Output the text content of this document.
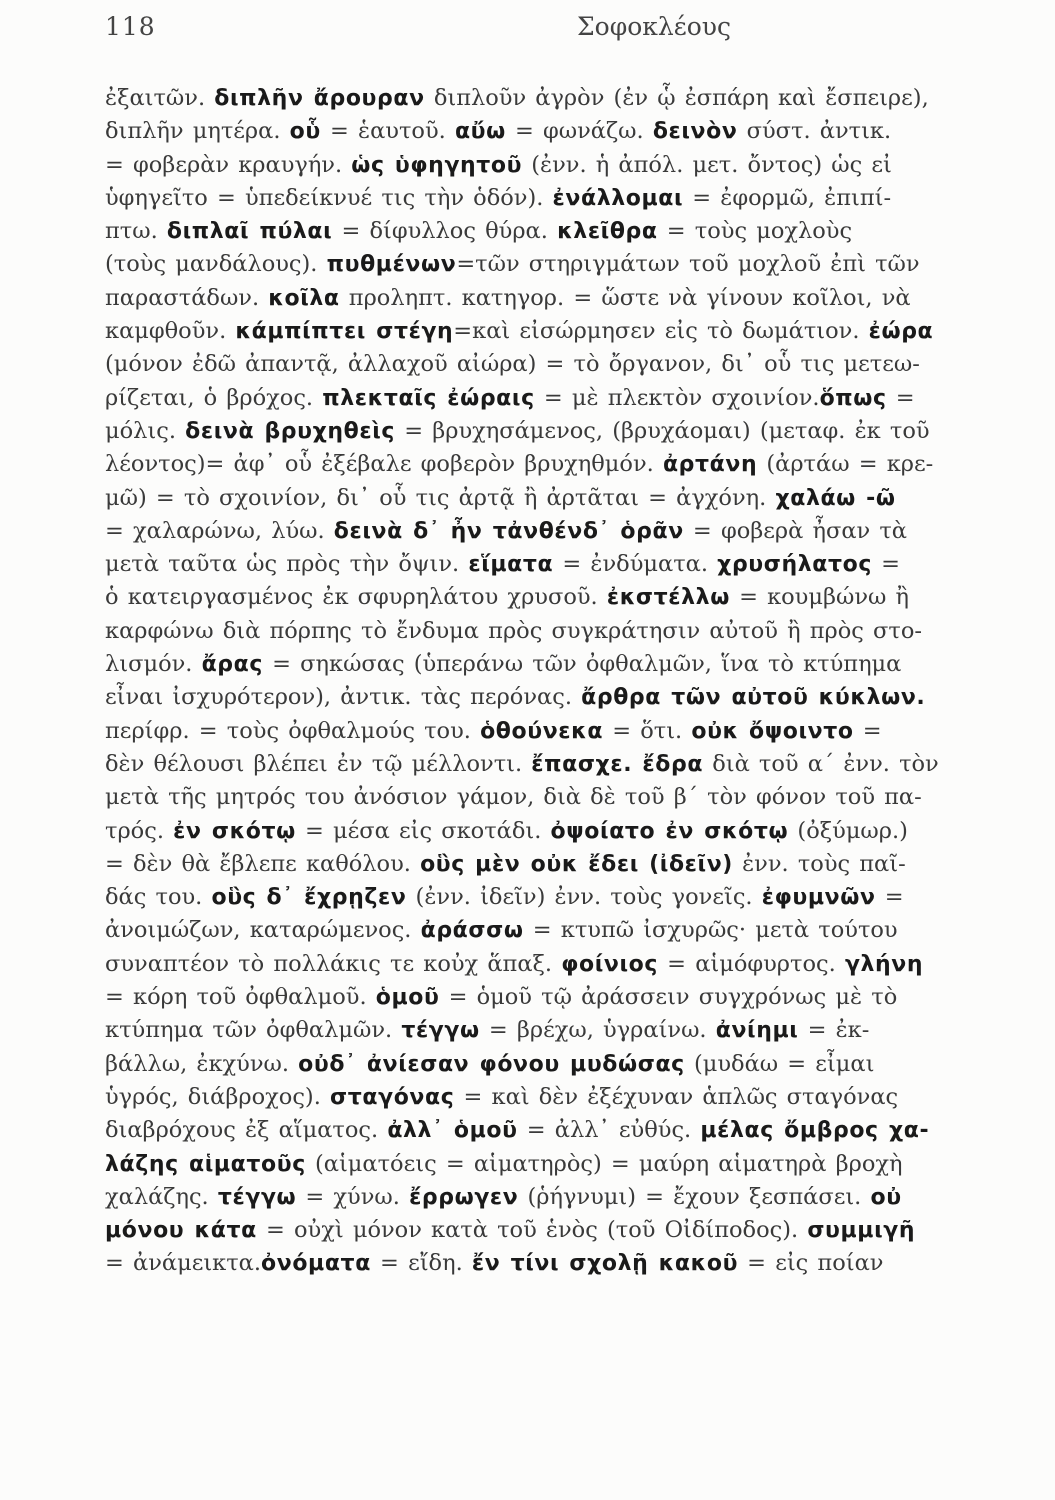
118	Σοφοκλέους
ἐξαιτῶν. διπλῆν ἄρουραν διπλοῦν ἀγρὸν (ἐν ᾧ ἐσπάρη καὶ ἔσπειρε),
διπλῆν μητέρα. οὗ = ἑαυτοῦ. αὔω = φωνάζω. δεινὸν σύστ. ἀντικ.
= φοβερὰν κραυγήν. ὡς ὑφηγητοῦ (ἐνν. ἡ ἀπόλ. μετ. ὄντος) ὡς εἰ
ὑφηγεῖτο = ὑπεδείκνυέ τις τὴν ὁδόν). ἐνάλλομαι = ἐφορμῶ, ἐπιπί-
πτω. διπλαῖ πύλαι = δίφυλλος θύρα. κλεῖθρα = τοὺς μοχλοὺς
(τοὺς μανδάλους). πυθμένων=τῶν στηριγμάτων τοῦ μοχλοῦ ἐπὶ τῶν
παραστάδων. κοῖλα προληπτ. κατηγορ. = ὥστε νὰ γίνουν κοῖλοι, νὰ
καμφθοῦν. κάμπίπτει στέγη=καὶ εἰσώρμησεν εἰς τὸ δωμάτιον. ἐώρα
(μόνον ἐδῶ ἀπαντᾷ, ἀλλαχοῦ αἰώρα) = τὸ ὄργανον, δι᾽ οὗ τις μετεω-
ρίζεται, ὁ βρόχος. πλεκταῖς ἐώραις = μὲ πλεκτὸν σχοινίον.ὅπως =
μόλις. δεινὰ βρυχηθεὶς = βρυχησάμενος, (βρυχάομαι) (μεταφ. ἐκ τοῦ
λέοντος)= ἀφ᾽ οὗ ἐξέβαλε φοβερὸν βρυχηθμόν. ἀρτάνη (ἀρτάω = κρε-
μῶ) = τὸ σχοινίον, δι᾽ οὗ τις ἀρτᾷ ἢ ἀρτᾶται = ἀγχόνη. χαλάω -ῶ
= χαλαρώνω, λύω. δεινὰ δ᾽ ἦν τἀνθένδ᾽ ὁρᾶν = φοβερὰ ἦσαν τὰ
μετὰ ταῦτα ὡς πρὸς τὴν ὄψιν. εἵματα = ἐνδύματα. χρυσήλατος =
ὁ κατειργασμένος ἐκ σφυρηλάτου χρυσοῦ. ἐκστέλλω = κουμβώνω ἢ
καρφώνω διὰ πόρπης τὸ ἔνδυμα πρὸς συγκράτησιν αὐτοῦ ἢ πρὸς στο-
λισμόν. ἄρας = σηκώσας (ὑπεράνω τῶν ὀφθαλμῶν, ἵνα τὸ κτύπημα
εἶναι ἰσχυρότερον), ἀντικ. τὰς περόνας. ἄρθρα τῶν αὐτοῦ κύκλων.
περίφρ. = τοὺς ὀφθαλμούς του. ὁθούνεκα = ὅτι. οὐκ ὄψοιντο =
δὲν θέλουσι βλέπει ἐν τῷ μέλλοντι. ἔπασχε. ἔδρα διὰ τοῦ α´ ἐνν. τὸν
μετὰ τῆς μητρός του ἀνόσιον γάμον, διὰ δὲ τοῦ β´ τὸν φόνον τοῦ πα-
τρός. ἐν σκότῳ = μέσα εἰς σκοτάδι. ὀψοίατο ἐν σκότῳ (ὀξύμωρ.)
= δὲν θὰ ἔβλεπε καθόλου. οὓς μὲν οὐκ ἔδει (ἰδεῖν) ἐνν. τοὺς παῖ-
δάς του. οὓς δ᾽ ἔχρῃζεν (ἐνν. ἰδεῖν) ἐνν. τοὺς γονεῖς. ἐφυμνῶν =
ἀνοιμώζων, καταρώμενος. ἀράσσω = κτυπῶ ἰσχυρῶς· μετὰ τούτου
συναπτέον τὸ πολλάκις τε κοὐχ ἅπαξ. φοίνιος = αἱμόφυρτος. γλήνη
= κόρη τοῦ ὀφθαλμοῦ. ὁμοῦ = ὁμοῦ τῷ ἀράσσειν συγχρόνως μὲ τὸ
κτύπημα τῶν ὀφθαλμῶν. τέγγω = βρέχω, ὑγραίνω. ἀνίημι = ἐκ-
βάλλω, ἐκχύνω. οὐδ᾽ ἀνίεσαν φόνου μυδώσας (μυδάω = εἶμαι
ὑγρός, διάβροχος). σταγόνας = καὶ δὲν ἐξέχυναν ἁπλῶς σταγόνας
διαβρόχους ἐξ αἵματος. ἀλλ᾽ ὁμοῦ = ἀλλ᾽ εὐθύς. μέλας ὄμβρος χα-
λάζης αἱματοῦς (αἱματόεις = αἱματηρὸς) = μαύρη αἱματηρὰ βροχὴ
χαλάζης. τέγγω = χύνω. ἔρρωγεν (ῥήγνυμι) = ἔχουν ξεσπάσει. οὐ
μόνου κάτα = οὐχὶ μόνον κατὰ τοῦ ἑνὸς (τοῦ Οἰδίποδος). συμμιγῆ
= ἀνάμεικτα.ὀνόματα = εἴδη. ἔν τίνι σχολῇ κακοῦ = εἰς ποίαν
